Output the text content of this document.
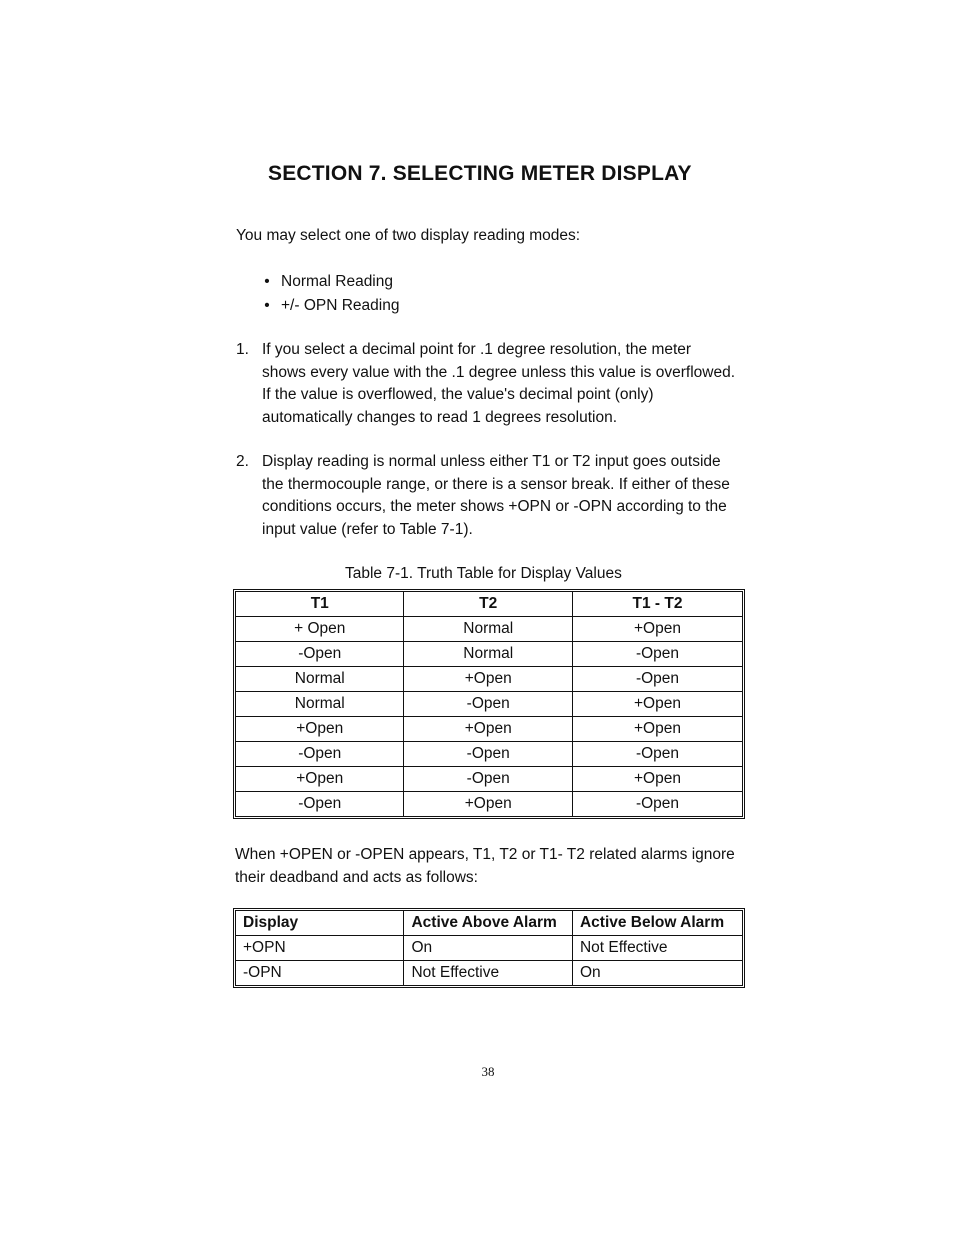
SECTION 7. SELECTING METER DISPLAY

You may select one of two display reading modes:

• Normal Reading
• +/- OPN Reading
1. If you select a decimal point for .1 degree resolution, the meter
shows every value with the .1 degree unless this value is overflowed.
If the value is overflowed, the value's decimal point (only)
automatically changes to read 1 degrees resolution.
2. Display reading is normal unless either T1 or T2 input goes outside
the thermocouple range, or there is a sensor break. If either of these
conditions occurs, the meter shows +OPN or -OPN according to the
input value (refer to Table 7-1).
Table 7-1. Truth Table for Display Values
T1	T2	T1 - T2
+ Open	Normal	+Open
-Open	Normal	-Open
Normal	+Open	-Open
Normal	-Open	+Open
+Open	+Open	+Open
-Open	-Open	-Open
+Open	-Open	+Open
-Open	+Open	-Open
When +OPEN or -OPEN appears, T1, T2 or T1- T2 related alarms ignore
their deadband and acts as follows:
Display	Active Above Alarm	Active Below Alarm
+OPN	On	Not Effective
-OPN	Not Effective	On
38
